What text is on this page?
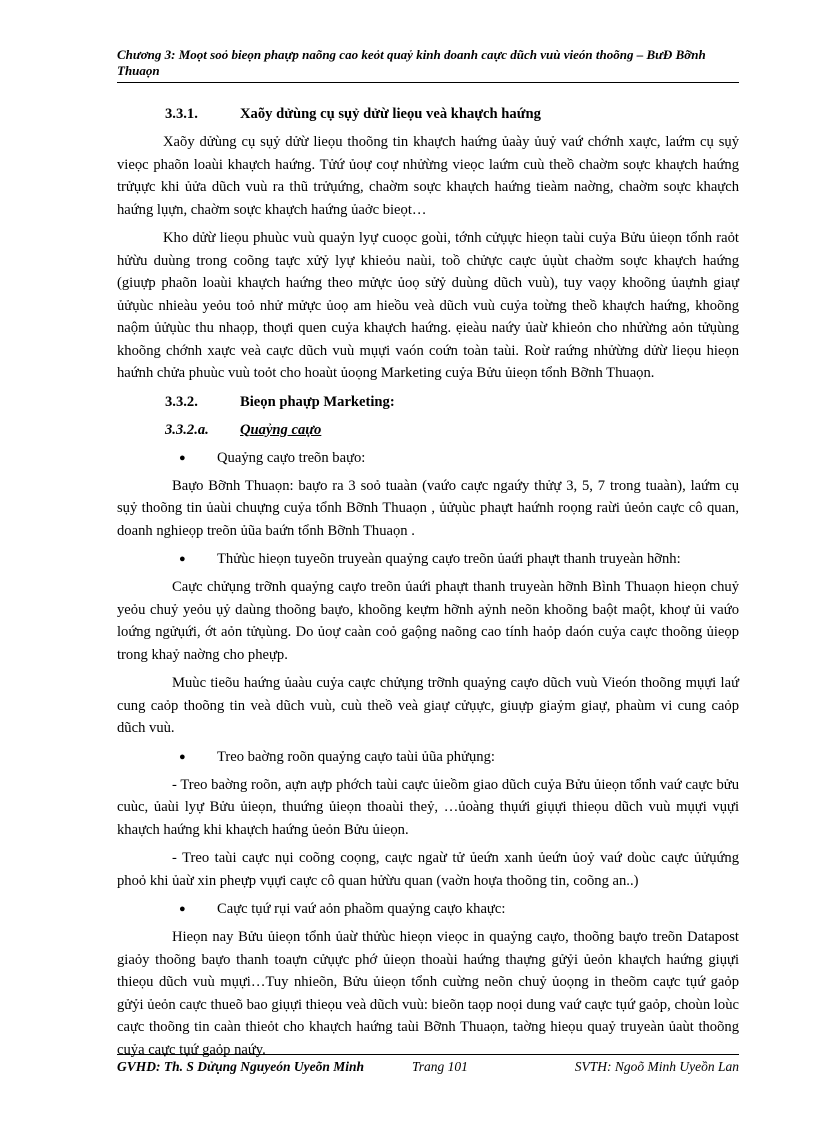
Chương 3: Moọt soỏ bieọn phaựp naõng cao keỏt quaỷ kinh doanh caực dũch vuù vieón thoõng – BưĐ Bỡnh Thuaọn
3.3.1.	Xaõy dửùng cụ sụỷ dửừ lieọu veà khaựch haứng

Xaõy dửùng cụ sụỷ dửừ lieọu thoõng tin khaựch haứng ủaày ủuỷ vaứ chớnh xaực, laứm cụ sụỷ vieọc phaõn loaùi khaựch haứng. Tửứ ủoự coự nhửừng vieọc laứm cuù theồ chaờm soực khaựch haứng trửụực khi ủửa dũch vuù ra thũ trửụứng, chaờm soực khaựch haứng tieàm naờng, chaờm soực khaựch haứng lụựn, chaờm soực khaựch haứng ủaởc bieọt…

Kho dửừ lieọu phuùc vuù quaỷn lyự cuoọc goùi, tớnh cửụực hieọn taùi cuỷa Bửu ủieọn tổnh raỏt hửừu duùng trong coõng taực xửỷ lyự khieỏu naùi, toồ chửực caực ủụùt chaờm soực khaựch haứng (giuựp phaõn loaùi khaựch haứng theo mửực ủoọ sửỷ duùng dũch vuù), tuy vaọy khoõng ủaựnh giaự ủửụùc nhieàu yeỏu toỏ nhử mửực ủoọ am hieồu veà dũch vuù cuỷa toừng theồ khaựch haứng, khoõng naộm ủửụùc thu nhaọp, thoựi quen cuỷa khaựch haứng. ẹieàu naứy ủaừ khieỏn cho nhửừng aỏn tửụùng khoõng chớnh xaực veà caực dũch vuù mụựi vaón coứn toàn taùi. Roừ raứng nhửừng dửừ lieọu hieọn haứnh chửa phuùc vuù toỏt cho hoaùt ủoọng Marketing cuỷa Bửu ủieọn tổnh Bỡnh Thuaọn.

3.3.2.	Bieọn phaựp Marketing:
3.3.2.a. Quaỷng caựo
● Quaỷng caựo treõn baựo:

Baựo Bỡnh Thuaọn: baựo ra 3 soỏ tuaàn (vaứo caực ngaứy thửự 3, 5, 7 trong tuaàn), laứm cụ sụỷ thoõng tin ủaùi chuựng cuỷa tổnh Bỡnh Thuaọn , ủửụùc phaựt haứnh roọng raừi ủeỏn caực cô quan, doanh nghieọp treõn ủũa baứn tổnh Bỡnh Thuaọn .

● Thửùc hieọn tuyeõn truyeàn quaỷng caựo treõn ủaứi phaựt thanh truyeàn hỡnh:

Caực chửụng trỡnh quaỷng caựo treõn ủaứi phaựt thanh truyeàn hỡnh Bình Thuaọn hieọn chuỷ yeỏu chuỷ yeỏu ụỷ daùng thoõng baựo, khoõng keựm hỡnh aỷnh neõn khoõng baột maột, khoự ủi vaứo loứng ngửụứi, ớt aỏn tửụùng. Do ủoự caàn coỏ gaộng naõng cao tính haỏp daón cuỷa caực thoõng ủieọp trong khaỷ naờng cho pheựp.

Muùc tieõu haứng ủaàu cuỷa caực chửụng trỡnh quaỷng caựo dũch vuù Vieón thoõng mụựi laứ cung caỏp thoõng tin veà dũch vuù, cuù theồ veà giaự cửụực, giuựp giaỷm giaự, phaùm vi cung caỏp dũch vuù.

● Treo baờng roõn quaỷng caựo taùi ủũa phửụng:

- Treo baờng roõn, aựn aựp phớch taùi caực ủieồm giao dũch cuỷa Bửu ủieọn tổnh vaứ caực bửu cuùc, ủaùi lyự Bửu ủieọn, thuứng ủieọn thoaùi theỷ, …ủoàng thụứi giụựi thieọu dũch vuù mụựi vụựi khaựch haứng khi khaựch haứng ủeỏn Bửu ủieọn.

- Treo taùi caực nụi coõng coọng, caực ngaừ tử ủeứn xanh ủeứn ủoỷ vaứ doùc caực ủửụứng phoỏ khi ủaừ xin pheựp vụựi caực cô quan hửừu quan (vaờn hoựa thoõng tin, coõng an..)

● Caực tụứ rụi vaứ aỏn phaồm quaỷng caựo khaực:

Hieọn nay Bửu ủieọn tổnh ủaừ thửùc hieọn vieọc in quaỷng caựo, thoõng baựo treõn Datapost giaỏy thoõng baựo thanh toaựn cửụực phớ ủieọn thoaùi haứng thaựng gửỷi ủeỏn khaựch haứng giụựi thieọu dũch vuù mụựi…Tuy nhieõn, Bửu ủieọn tổnh cuừng neõn chuỷ ủoọng in theõm caực tụứ gaỏp gửỷi ủeỏn caực thueõ bao giụựi thieọu veà dũch vuù: bieõn taọp noọi dung vaứ caực tụứ gaỏp, choùn loùc caực thoõng tin caàn thieỏt cho khaựch haứng taùi Bỡnh Thuaọn, taờng hieọu quaỷ truyeàn ủaùt thoõng cuỷa caực tụứ gaỏp naứy.

GVHD: Th. S Dửụng Nguyeón Uyeõn Minh	Trang 101	SVTH: Ngoõ Minh Uyeồn Lan
